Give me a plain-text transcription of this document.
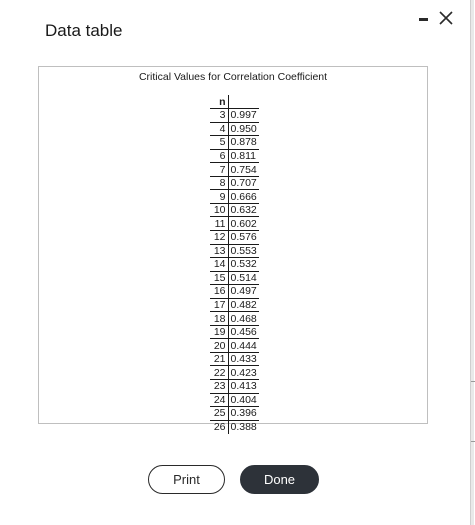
Data table
Critical Values for Correlation Coefficient
n	
3	0.997
4	0.950
5	0.878
6	0.811
7	0.754
8	0.707
9	0.666
10	0.632
11	0.602
12	0.576
13	0.553
14	0.532
15	0.514
16	0.497
17	0.482
18	0.468
19	0.456
20	0.444
21	0.433
22	0.423
23	0.413
24	0.404
25	0.396
26	0.388
Print	Done
